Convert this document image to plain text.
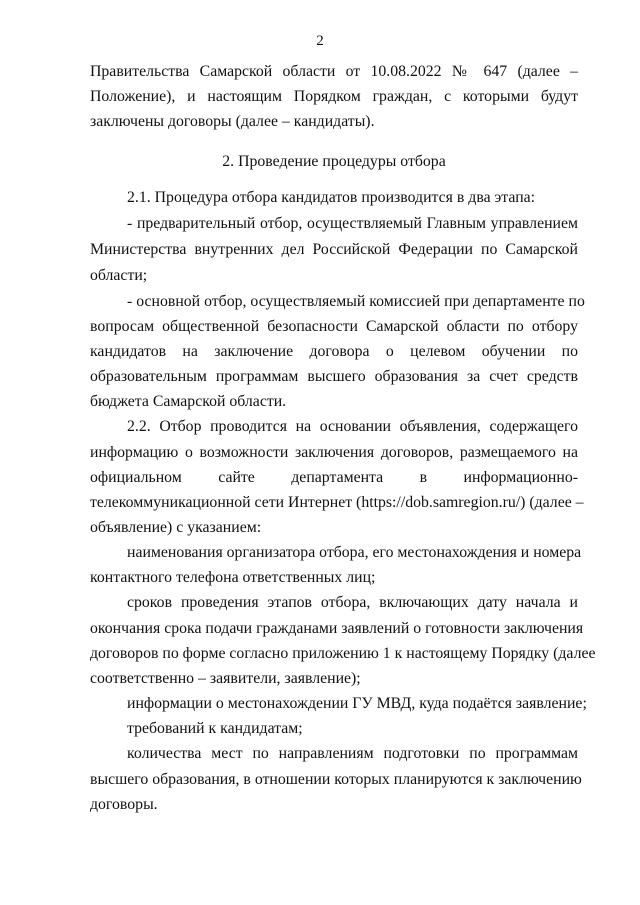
2
Правительства Самарской области от 10.08.2022 № 647 (далее –
Положение), и настоящим Порядком граждан, с которыми будут
заключены договоры (далее – кандидаты).
2. Проведение процедуры отбора
2.1. Процедура отбора кандидатов производится в два этапа:
- предварительный отбор, осуществляемый Главным управлением
Министерства внутренних дел Российской Федерации по Самарской
области;
- основной отбор, осуществляемый комиссией при департаменте по
вопросам общественной безопасности Самарской области по отбору
кандидатов на заключение договора о целевом обучении по
образовательным программам высшего образования за счет средств
бюджета Самарской области.
2.2. Отбор проводится на основании объявления, содержащего
информацию о возможности заключения договоров, размещаемого на
официальном сайте департамента в информационно-
телекоммуникационной сети Интернет (https://dob.samregion.ru/) (далее –
объявление) с указанием:
наименования организатора отбора, его местонахождения и номера
контактного телефона ответственных лиц;
сроков проведения этапов отбора, включающих дату начала и
окончания срока подачи гражданами заявлений о готовности заключения
договоров по форме согласно приложению 1 к настоящему Порядку (далее
соответственно – заявители, заявление);
информации о местонахождении ГУ МВД, куда подаётся заявление;
требований к кандидатам;
количества мест по направлениям подготовки по программам
высшего образования, в отношении которых планируются к заключению
договоры.
